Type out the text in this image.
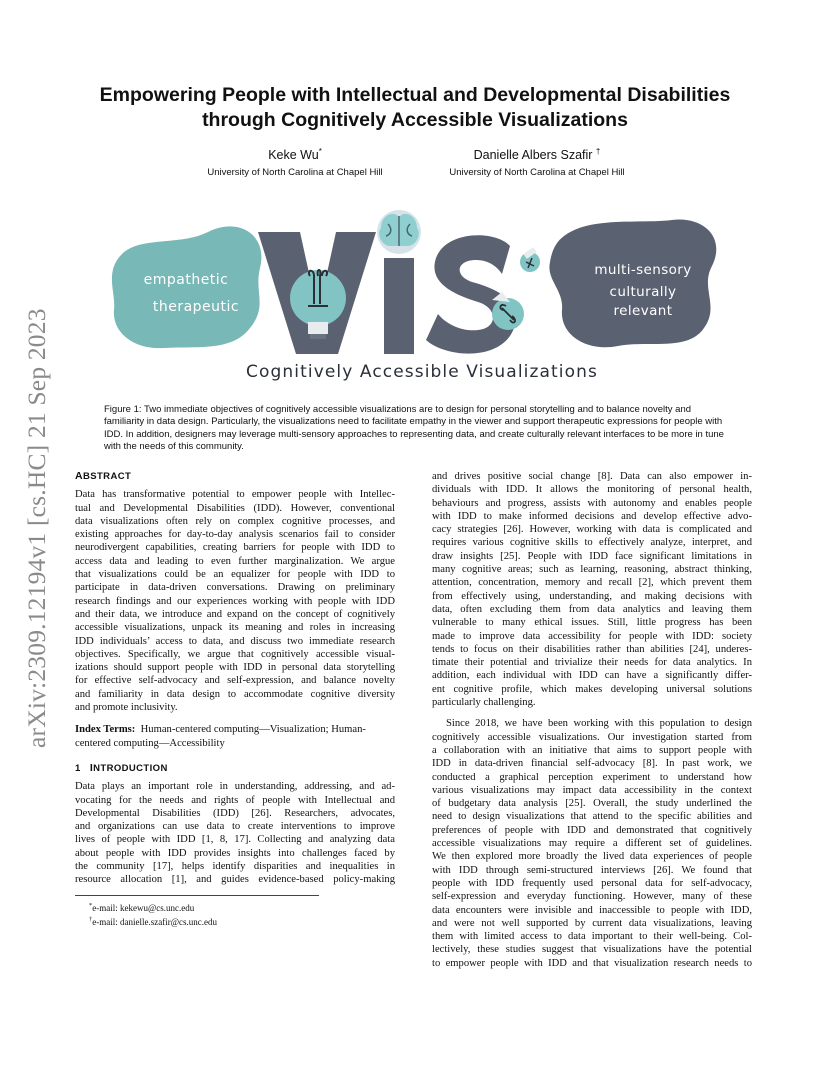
arXiv:2309.12194v1 [cs.HC] 21 Sep 2023
Empowering People with Intellectual and Developmental Disabilities
through Cognitively Accessible Visualizations
Keke Wu*
University of North Carolina at Chapel Hill
Danielle Albers Szafir †
University of North Carolina at Chapel Hill
empathetic
therapeutic
multi-sensory
culturally
relevant
Cognitively Accessible Visualizations
Figure 1: Two immediate objectives of cognitively accessible visualizations are to design for personal storytelling and to balance novelty and familiarity in data design. Particularly, the visualizations need to facilitate empathy in the viewer and support therapeutic expressions for people with IDD. In addition, designers may leverage multi-sensory approaches to representing data, and create culturally relevant interfaces to be more in tune with the needs of this community.
ABSTRACT

Data has transformative potential to empower people with Intellec-
tual and Developmental Disabilities (IDD). However, conventional
data visualizations often rely on complex cognitive processes, and
existing approaches for day-to-day analysis scenarios fail to consider
neurodivergent capabilities, creating barriers for people with IDD to
access data and leading to even further marginalization. We argue
that visualizations could be an equalizer for people with IDD to
participate in data-driven conversations. Drawing on preliminary
research findings and our experiences working with people with IDD
and their data, we introduce and expand on the concept of cognitively
accessible visualizations, unpack its meaning and roles in increasing
IDD individuals’ access to data, and discuss two immediate research
objectives. Specifically, we argue that cognitively accessible visual-
izations should support people with IDD in personal data storytelling
for effective self-advocacy and self-expression, and balance novelty
and familiarity in data design to accommodate cognitive diversity
and promote inclusivity.

Index Terms: Human-centered computing—Visualization; Human-
centered computing—Accessibility

1 INTRODUCTION

Data plays an important role in understanding, addressing, and ad-
vocating for the needs and rights of people with Intellectual and
Developmental Disabilities (IDD) [26]. Researchers, advocates,
and organizations can use data to create interventions to improve
lives of people with IDD [1, 8, 17]. Collecting and analyzing data
about people with IDD provides insights into challenges faced by
the community [17], helps identify disparities and inequalities in
resource allocation [1], and guides evidence-based policy-making

*e-mail: kekewu@cs.unc.edu
†e-mail: danielle.szafir@cs.unc.edu

and drives positive social change [8]. Data can also empower in-
dividuals with IDD. It allows the monitoring of personal health,
behaviours and progress, assists with autonomy and enables people
with IDD to make informed decisions and develop effective advo-
cacy strategies [26]. However, working with data is complicated and
requires various cognitive skills to effectively analyze, interpret, and
draw insights [25]. People with IDD face significant limitations in
many cognitive areas; such as learning, reasoning, abstract thinking,
attention, concentration, memory and recall [2], which prevent them
from effectively using, understanding, and making decisions with
data, often excluding them from data analytics and leaving them
vulnerable to many ethical issues. Still, little progress has been
made to improve data accessibility for people with IDD: society
tends to focus on their disabilities rather than abilities [24], underes-
timate their potential and trivialize their needs for data analytics. In
addition, each individual with IDD can have a significantly differ-
ent cognitive profile, which makes developing universal solutions
particularly challenging.

Since 2018, we have been working with this population to design
cognitively accessible visualizations. Our investigation started from
a collaboration with an initiative that aims to support people with
IDD in data-driven financial self-advocacy [8]. In past work, we
conducted a graphical perception experiment to understand how
various visualizations may impact data accessibility in the context
of budgetary data analysis [25]. Overall, the study underlined the
need to design visualizations that attend to the specific abilities and
preferences of people with IDD and demonstrated that cognitively
accessible visualizations may require a different set of guidelines.
We then explored more broadly the lived data experiences of people
with IDD through semi-structured interviews [26]. We found that
people with IDD frequently used personal data for self-advocacy,
self-expression and everyday functioning. However, many of these
data encounters were invisible and inaccessible to people with IDD,
and were not well supported by current data visualizations, leaving
them with limited access to data important to their well-being. Col-
lectively, these studies suggest that visualizations have the potential
to empower people with IDD and that visualization research needs to
